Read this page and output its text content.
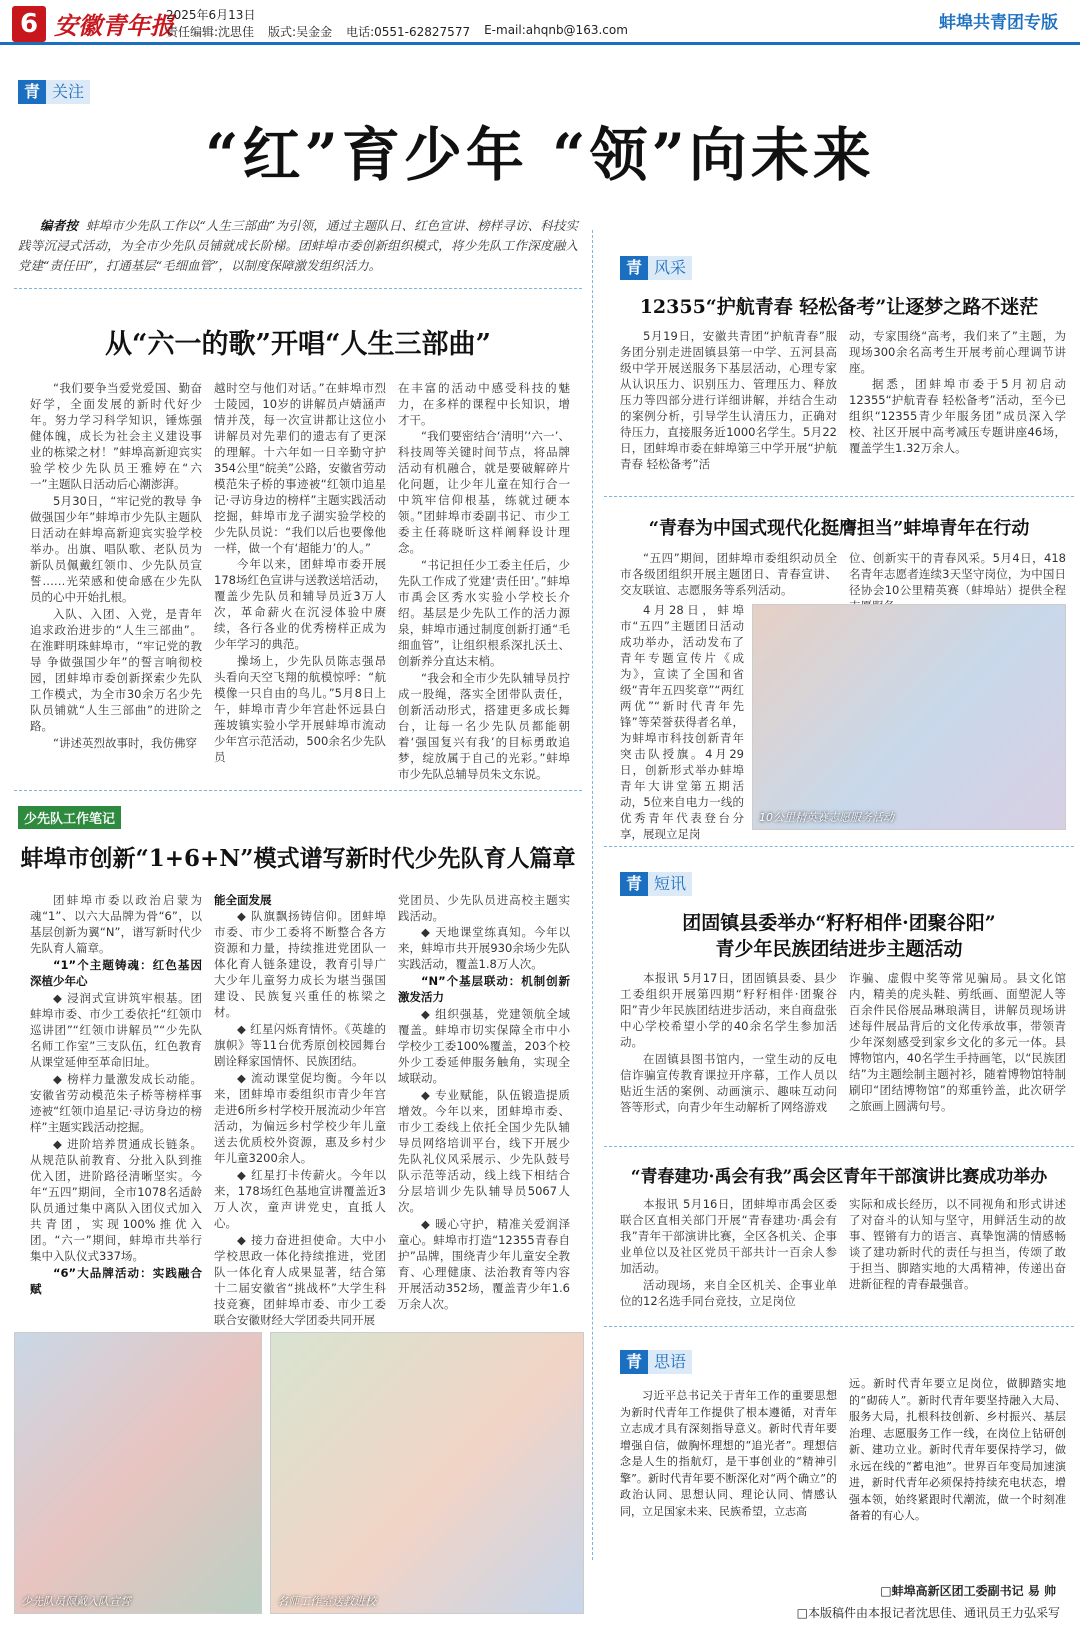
6 安徽青年报
2025年6月13日
责任编辑:沈思佳 版式:吴金金 电话:0551-62827577 E-mail:ahqnb@163.com	蚌埠共青团专版
青 关注
“红”育少年 “领”向未来
编者按 蚌埠市少先队工作以“人生三部曲”为引领，通过主题队日、红色宣讲、榜样寻访、科技实践等沉浸式活动，为全市少先队员铺就成长阶梯。团蚌埠市委创新组织模式，将少先队工作深度融入党建“责任田”，打通基层“毛细血管”，以制度保障激发组织活力。
从“六一的歌”开唱“人生三部曲”

“我们要争当爱党爱国、勤奋好学，全面发展的新时代好少年。努力学习科学知识，锤炼强健体魄，成长为社会主义建设事业的栋梁之材！”蚌埠高新迎宾实验学校少先队员王雅婷在“六一”主题队日活动后心潮澎湃。

5月30日，“牢记党的教导 争做强国少年”蚌埠市少先队主题队日活动在蚌埠高新迎宾实验学校举办。出旗、唱队歌、老队员为新队员佩戴红领巾、少先队员宣誓……光荣感和使命感在少先队员的心中开始扎根。

入队、入团、入党，是青年追求政治进步的“人生三部曲”。在淮畔明珠蚌埠市，“牢记党的教导 争做强国少年”的誓言响彻校园，团蚌埠市委创新探索少先队工作模式，为全市30余万名少先队员铺就“人生三部曲”的进阶之路。

“讲述英烈故事时，我仿佛穿

越时空与他们对话。”在蚌埠市烈士陵园，10岁的讲解员卢婧涵声情并茂，每一次宣讲都让这位小讲解员对先辈们的遗志有了更深的理解。十六年如一日辛勤守护354公里“皖美”公路，安徽省劳动模范朱子桥的事迹被“红领巾追星记·寻访身边的榜样”主题实践活动挖掘，蚌埠市龙子湖实验学校的少先队员说：“我们以后也要像他一样，做一个有‘超能力’的人。”

今年以来，团蚌埠市委开展178场红色宣讲与送教送培活动，覆盖少先队员和辅导员近3万人次，革命薪火在沉浸体验中赓续，各行各业的优秀榜样正成为少年学习的典范。

操场上，少先队员陈志强昂头看向天空飞翔的航模惊呼：“航模像一只自由的鸟儿。”5月8日上午，蚌埠市青少年宫赴怀远县白莲坡镇实验小学开展蚌埠市流动少年宫示范活动，500余名少先队员

在丰富的活动中感受科技的魅力，在多样的课程中长知识，增才干。

“我们要密结合‘清明’‘六一’、科技周等关键时间节点，将品牌活动有机融合，就是要破解碎片化问题，让少年儿童在知行合一中筑牢信仰根基，练就过硬本领。”团蚌埠市委副书记、市少工委主任蒋晓昕这样阐释设计理念。

“书记担任少工委主任后，少先队工作成了党建‘责任田’。”蚌埠市禹会区秀水实验小学校长介绍。基层是少先队工作的活力源泉，蚌埠市通过制度创新打通“毛细血管”，让组织根系深扎沃土、创新养分直达末梢。

“我会和全市少先队辅导员拧成一股绳，落实全团带队责任，创新活动形式，搭建更多成长舞台，让每一名少先队员都能朝着‘强国复兴有我’的目标勇敢追梦，绽放属于自己的光彩。”蚌埠市少先队总辅导员朱文东说。

少先队工作笔记
蚌埠市创新“1+6+N”模式谱写新时代少先队育人篇章

团蚌埠市委以政治启蒙为魂“1”、以六大品牌为骨“6”，以基层创新为翼“N”，谱写新时代少先队育人篇章。

“1”个主题铸魂：红色基因深植少年心

◆ 浸润式宣讲筑牢根基。团蚌埠市委、市少工委依托“红领巾巡讲团”“红领巾讲解员”“少先队名师工作室”三支队伍，红色教育从课堂延伸至革命旧址。

◆ 榜样力量激发成长动能。安徽省劳动模范朱子桥等榜样事迹被“红领巾追星记·寻访身边的榜样”主题实践活动挖掘。

◆ 进阶培养贯通成长链条。从规范队前教育、分批入队到推优入团，进阶路径清晰坚实。今年“五四”期间，全市1078名适龄队员通过集中离队入团仪式加入共青团，实现100%推优入团。“六一”期间，蚌埠市共举行集中入队仪式337场。

“6”大品牌活动：实践融合赋

能全面发展

◆ 队旗飘扬铸信仰。团蚌埠市委、市少工委将不断整合各方资源和力量，持续推进党团队一体化育人链条建设，教育引导广大少年儿童努力成长为堪当强国建设、民族复兴重任的栋梁之材。

◆ 红星闪烁育情怀。《英雄的旗帜》等11台优秀原创校园舞台剧诠释家国情怀、民族团结。

◆ 流动课堂促均衡。今年以来，团蚌埠市委组织市青少年宫走进6所乡村学校开展流动少年宫活动，为偏远乡村学校少年儿童送去优质校外资源，惠及乡村少年儿童3200余人。

◆ 红星打卡传薪火。今年以来，178场红色基地宣讲覆盖近3万人次，童声讲党史，直抵人心。

◆ 接力奋进担使命。大中小学校思政一体化持续推进，党团队一体化育人成果显著，结合第十二届安徽省“挑战杯”大学生科技竞赛，团蚌埠市委、市少工委联合安徽财经大学团委共同开展

党团员、少先队员进高校主题实践活动。

◆ 天地课堂练真知。今年以来，蚌埠市共开展930余场少先队实践活动，覆盖1.8万人次。

“N”个基层联动：机制创新激发活力

◆ 组织强基，党建领航全域覆盖。蚌埠市切实保障全市中小学校少工委100%覆盖，203个校外少工委延伸服务触角，实现全域联动。

◆ 专业赋能，队伍锻造提质增效。今年以来，团蚌埠市委、市少工委线上依托全国少先队辅导员网络培训平台，线下开展少先队礼仪风采展示、少先队鼓号队示范等活动，线上线下相结合分层培训少先队辅导员5067人次。

◆ 暖心守护，精准关爱润泽童心。蚌埠市打造“12355青春自护”品牌，围绕青少年儿童安全教育、心理健康、法治教育等内容开展活动352场，覆盖青少年1.6万余人次。

少先队员佩戴入队宣誓	名师工作室送教进校
青 风采
12355“护航青春 轻松备考”让逐梦之路不迷茫

5月19日，安徽共青团“护航青春”服务团分别走进固镇县第一中学、五河县高级中学开展送服务下基层活动，心理专家从认识压力、识别压力、管理压力、释放压力等四部分进行详细讲解，并结合生动的案例分析，引导学生认清压力，正确对待压力，直接服务近1000名学生。5月22日，团蚌埠市委在蚌埠第三中学开展“护航青春 轻松备考”活

动，专家围绕“高考，我们来了”主题，为现场300余名高考生开展考前心理调节讲座。

据悉，团蚌埠市委于5月初启动12355“护航青春 轻松备考”活动，至今已组织“12355青少年服务团”成员深入学校、社区开展中高考减压专题讲座46场，覆盖学生1.32万余人。

“青春为中国式现代化挺膺担当”蚌埠青年在行动

“五四”期间，团蚌埠市委组织动员全市各级团组织开展主题团日、青春宣讲、交友联谊、志愿服务等系列活动。

位、创新实干的青春风采。5月4日，418名青年志愿者连续3天坚守岗位，为中国日径协会10公里精英赛（蚌埠站）提供全程

4月28日，蚌埠市“五四”主题团日活动成功举办，活动发布了青年专题宣传片《成为》，宣读了全国和省级“青年五四奖章”“两红两优”“新时代青年先锋”等荣誉获得者名单，为蚌埠市科技创新青年突击队授旗。4月29日，创新形式举办蚌埠青年大讲堂第五期活动，5位来自电力一线的优秀青年代表登台分享，展现立足岗

10公里精英赛志愿服务活动
青 短讯
团固镇县委举办“籽籽相伴·团聚谷阳”
青少年民族团结进步主题活动

本报讯 5月17日，团固镇县委、县少工委组织开展第四期“籽籽相伴·团聚谷阳”青少年民族团结进步活动，来自商盘张中心学校希望小学的40余名学生参加活动。

在固镇县图书馆内，一堂生动的反电信诈骗宣传教育课拉开序幕，工作人员以贴近生活的案例、动画演示、趣味互动问答等形式，向青少年生动解析了网络游戏

诈骗、虚假中奖等常见骗局。县文化馆内，精美的虎头鞋、剪纸画、面塑泥人等百余件民俗展品琳琅满目，讲解员现场讲述每件展品背后的文化传承故事，带领青少年深刻感受到家乡文化的多元一体。县博物馆内，40名学生手持画笔，以“民族团结”为主题绘制主题衬衫，随着博物馆特制刷印“团结博物馆”的郑重钤盖，此次研学之旅画上圆满句号。

“青春建功·禹会有我”禹会区青年干部演讲比赛成功举办

本报讯 5月16日，团蚌埠市禹会区委联合区直相关部门开展“青春建功·禹会有我”青年干部演讲比赛，全区各机关、企事业单位以及社区党员干部共计一百余人参加活动。

活动现场，来自全区机关、企事业单位的12名选手同台竞技，立足岗位

实际和成长经历，以不同视角和形式讲述了对奋斗的认知与坚守，用鲜活生动的故事、铿锵有力的语言、真挚饱满的情感畅谈了建功新时代的责任与担当，传颂了敢于担当、脚踏实地的大禹精神，传递出奋进新征程的青春最强音。

青 思语

习近平总书记关于青年工作的重要思想为新时代青年工作提供了根本遵循，对青年立志成才具有深刻指导意义。新时代青年要增强自信，做胸怀理想的“追光者”。理想信念是人生的指航灯，是干事创业的“精神引擎”。新时代青年要不断深化对“两个确立”的政治认同、思想认同、理论认同、情感认同，立足国家未来、民族希望，立志高

远。新时代青年要立足岗位，做脚踏实地的“砌砖人”。新时代青年要坚持融入大局、服务大局，扎根科技创新、乡村振兴、基层治理、志愿服务工作一线，在岗位上钻研创新、建功立业。新时代青年要保持学习，做永远在线的“蓄电池”。世界百年变局加速演进，新时代青年必须保持持续充电状态，增强本领，始终紧跟时代潮流，做一个时刻准备着的有心人。

□蚌埠高新区团工委副书记 易 帅
□本版稿件由本报记者沈思佳、通讯员王力弘采写
